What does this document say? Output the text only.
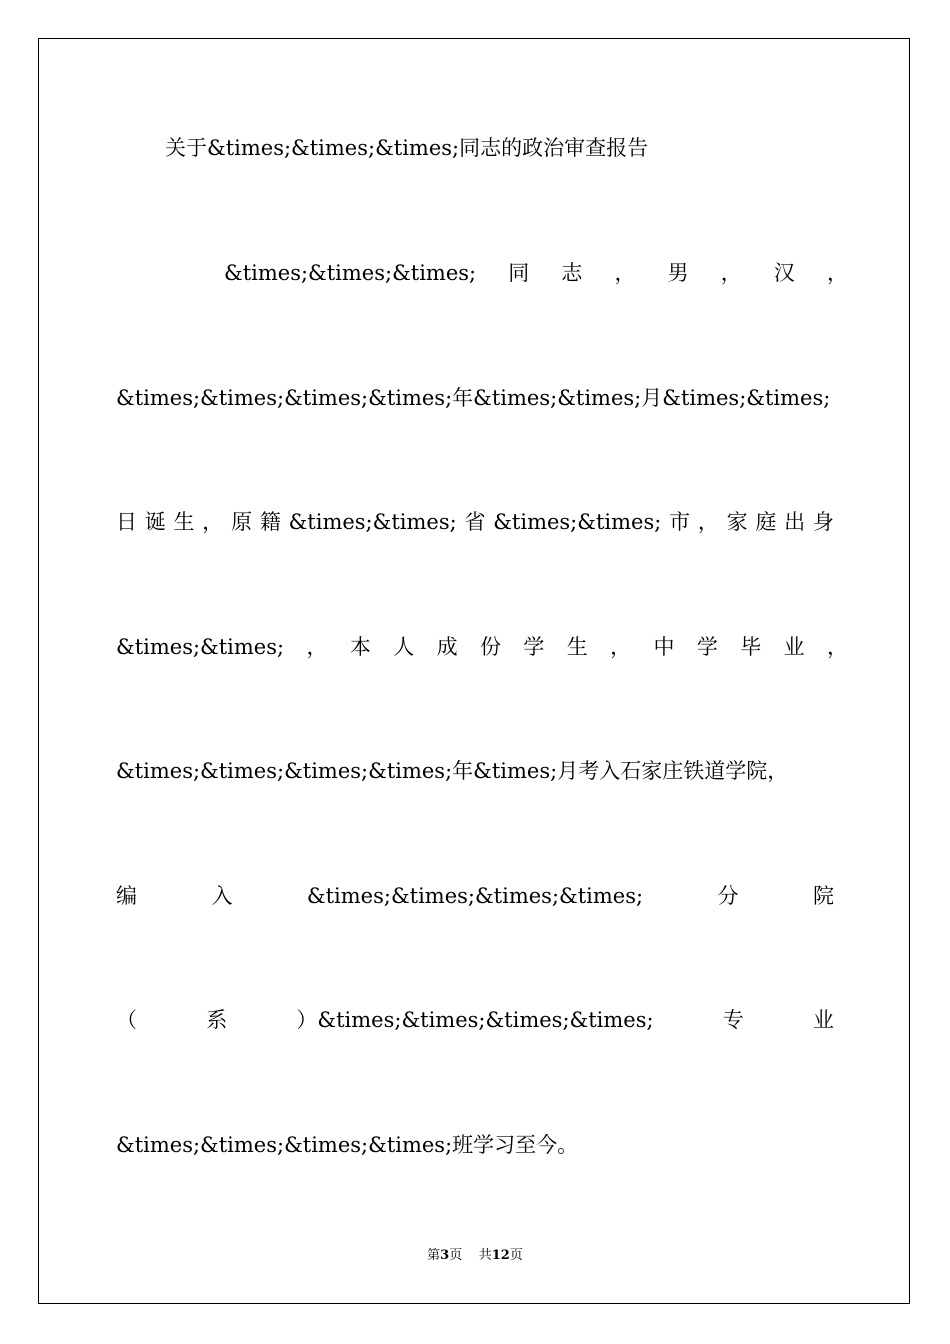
关于&times;&times;&times;同志的政治审查报告
&times;&times;&times; 同 志 ， 男 ， 汉 ，
&times;&times;&times;&times;年&times;&times;月&times;&times;
日 诞 生 ， 原 籍 &times;&times; 省 &times;&times; 市 ， 家 庭 出 身
&times;&times; ， 本 人 成 份 学 生 ， 中 学 毕 业 ，
&times;&times;&times;&times;年&times;月考入石家庄铁道学院，
编	入	&times;&times;&times;&times;	分	院
（	系	）&times;&times;&times;&times;	专	业
&times;&times;&times;&times;班学习至今。
第3页 共12页
